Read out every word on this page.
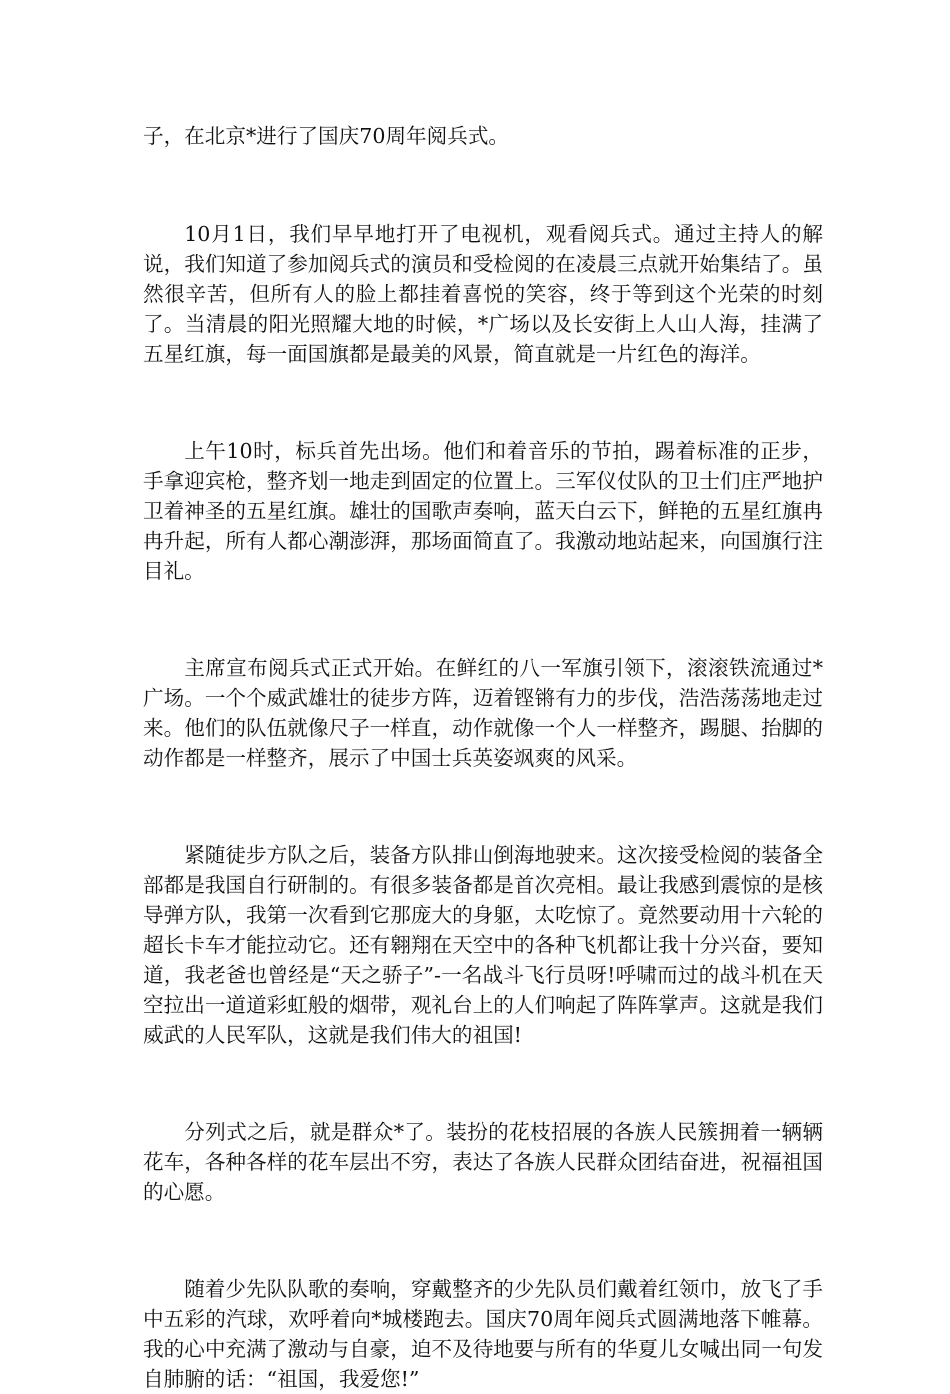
子，在北京*进行了国庆70周年阅兵式。

10月1日，我们早早地打开了电视机，观看阅兵式。通过主持人的解说，我们知道了参加阅兵式的演员和受检阅的在凌晨三点就开始集结了。虽然很辛苦，但所有人的脸上都挂着喜悦的笑容，终于等到这个光荣的时刻了。当清晨的阳光照耀大地的时候，*广场以及长安街上人山人海，挂满了五星红旗，每一面国旗都是最美的风景，简直就是一片红色的海洋。

上午10时，标兵首先出场。他们和着音乐的节拍，踢着标准的正步，手拿迎宾枪，整齐划一地走到固定的位置上。三军仪仗队的卫士们庄严地护卫着神圣的五星红旗。雄壮的国歌声奏响，蓝天白云下，鲜艳的五星红旗冉冉升起，所有人都心潮澎湃，那场面简直了。我激动地站起来，向国旗行注目礼。

主席宣布阅兵式正式开始。在鲜红的八一军旗引领下，滚滚铁流通过*广场。一个个威武雄壮的徒步方阵，迈着铿锵有力的步伐，浩浩荡荡地走过来。他们的队伍就像尺子一样直，动作就像一个人一样整齐，踢腿、抬脚的动作都是一样整齐，展示了中国士兵英姿飒爽的风采。

紧随徒步方队之后，装备方队排山倒海地驶来。这次接受检阅的装备全部都是我国自行研制的。有很多装备都是首次亮相。最让我感到震惊的是核导弹方队，我第一次看到它那庞大的身躯，太吃惊了。竟然要动用十六轮的超长卡车才能拉动它。还有翱翔在天空中的各种飞机都让我十分兴奋，要知道，我老爸也曾经是“天之骄子”-一名战斗飞行员呀!呼啸而过的战斗机在天空拉出一道道彩虹般的烟带，观礼台上的人们响起了阵阵掌声。这就是我们威武的人民军队，这就是我们伟大的祖国!

分列式之后，就是群众*了。装扮的花枝招展的各族人民簇拥着一辆辆花车，各种各样的花车层出不穷，表达了各族人民群众团结奋进，祝福祖国的心愿。

随着少先队队歌的奏响，穿戴整齐的少先队员们戴着红领巾，放飞了手中五彩的汽球，欢呼着向*城楼跑去。国庆70周年阅兵式圆满地落下帷幕。我的心中充满了激动与自豪，迫不及待地要与所有的华夏儿女喊出同一句发自肺腑的话：“祖国，我爱您!”
